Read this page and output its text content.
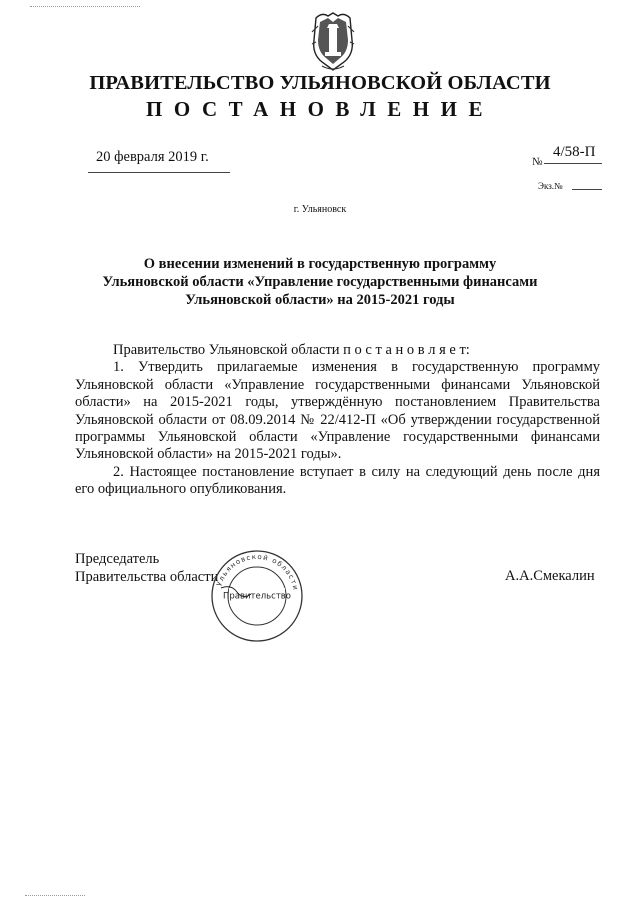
ПРАВИТЕЛЬСТВО УЛЬЯНОВСКОЙ ОБЛАСТИ
ПОСТАНОВЛЕНИЕ
20 февраля 2019 г.	№
4/58-П
Экз.№
г. Ульяновск
О внесении изменений в государственную программу
Ульяновской области «Управление государственными финансами
Ульяновской области» на 2015-2021 годы

Правительство Ульяновской области п о с т а н о в л я е т:

1. Утвердить прилагаемые изменения в государственную программу Ульяновской области «Управление государственными финансами Ульяновской области» на 2015-2021 годы, утверждённую постановлением Правительства Ульяновской области от 08.09.2014 № 22/412-П «Об утверждении государственной программы Ульяновской области «Управление государственными финансами Ульяновской области» на 2015-2021 годы».

2. Настоящее постановление вступает в силу на следующий день после дня его официального опубликования.

Председатель
Правительства области	А.А.Смекалин
Ульяновской области
Правительство
